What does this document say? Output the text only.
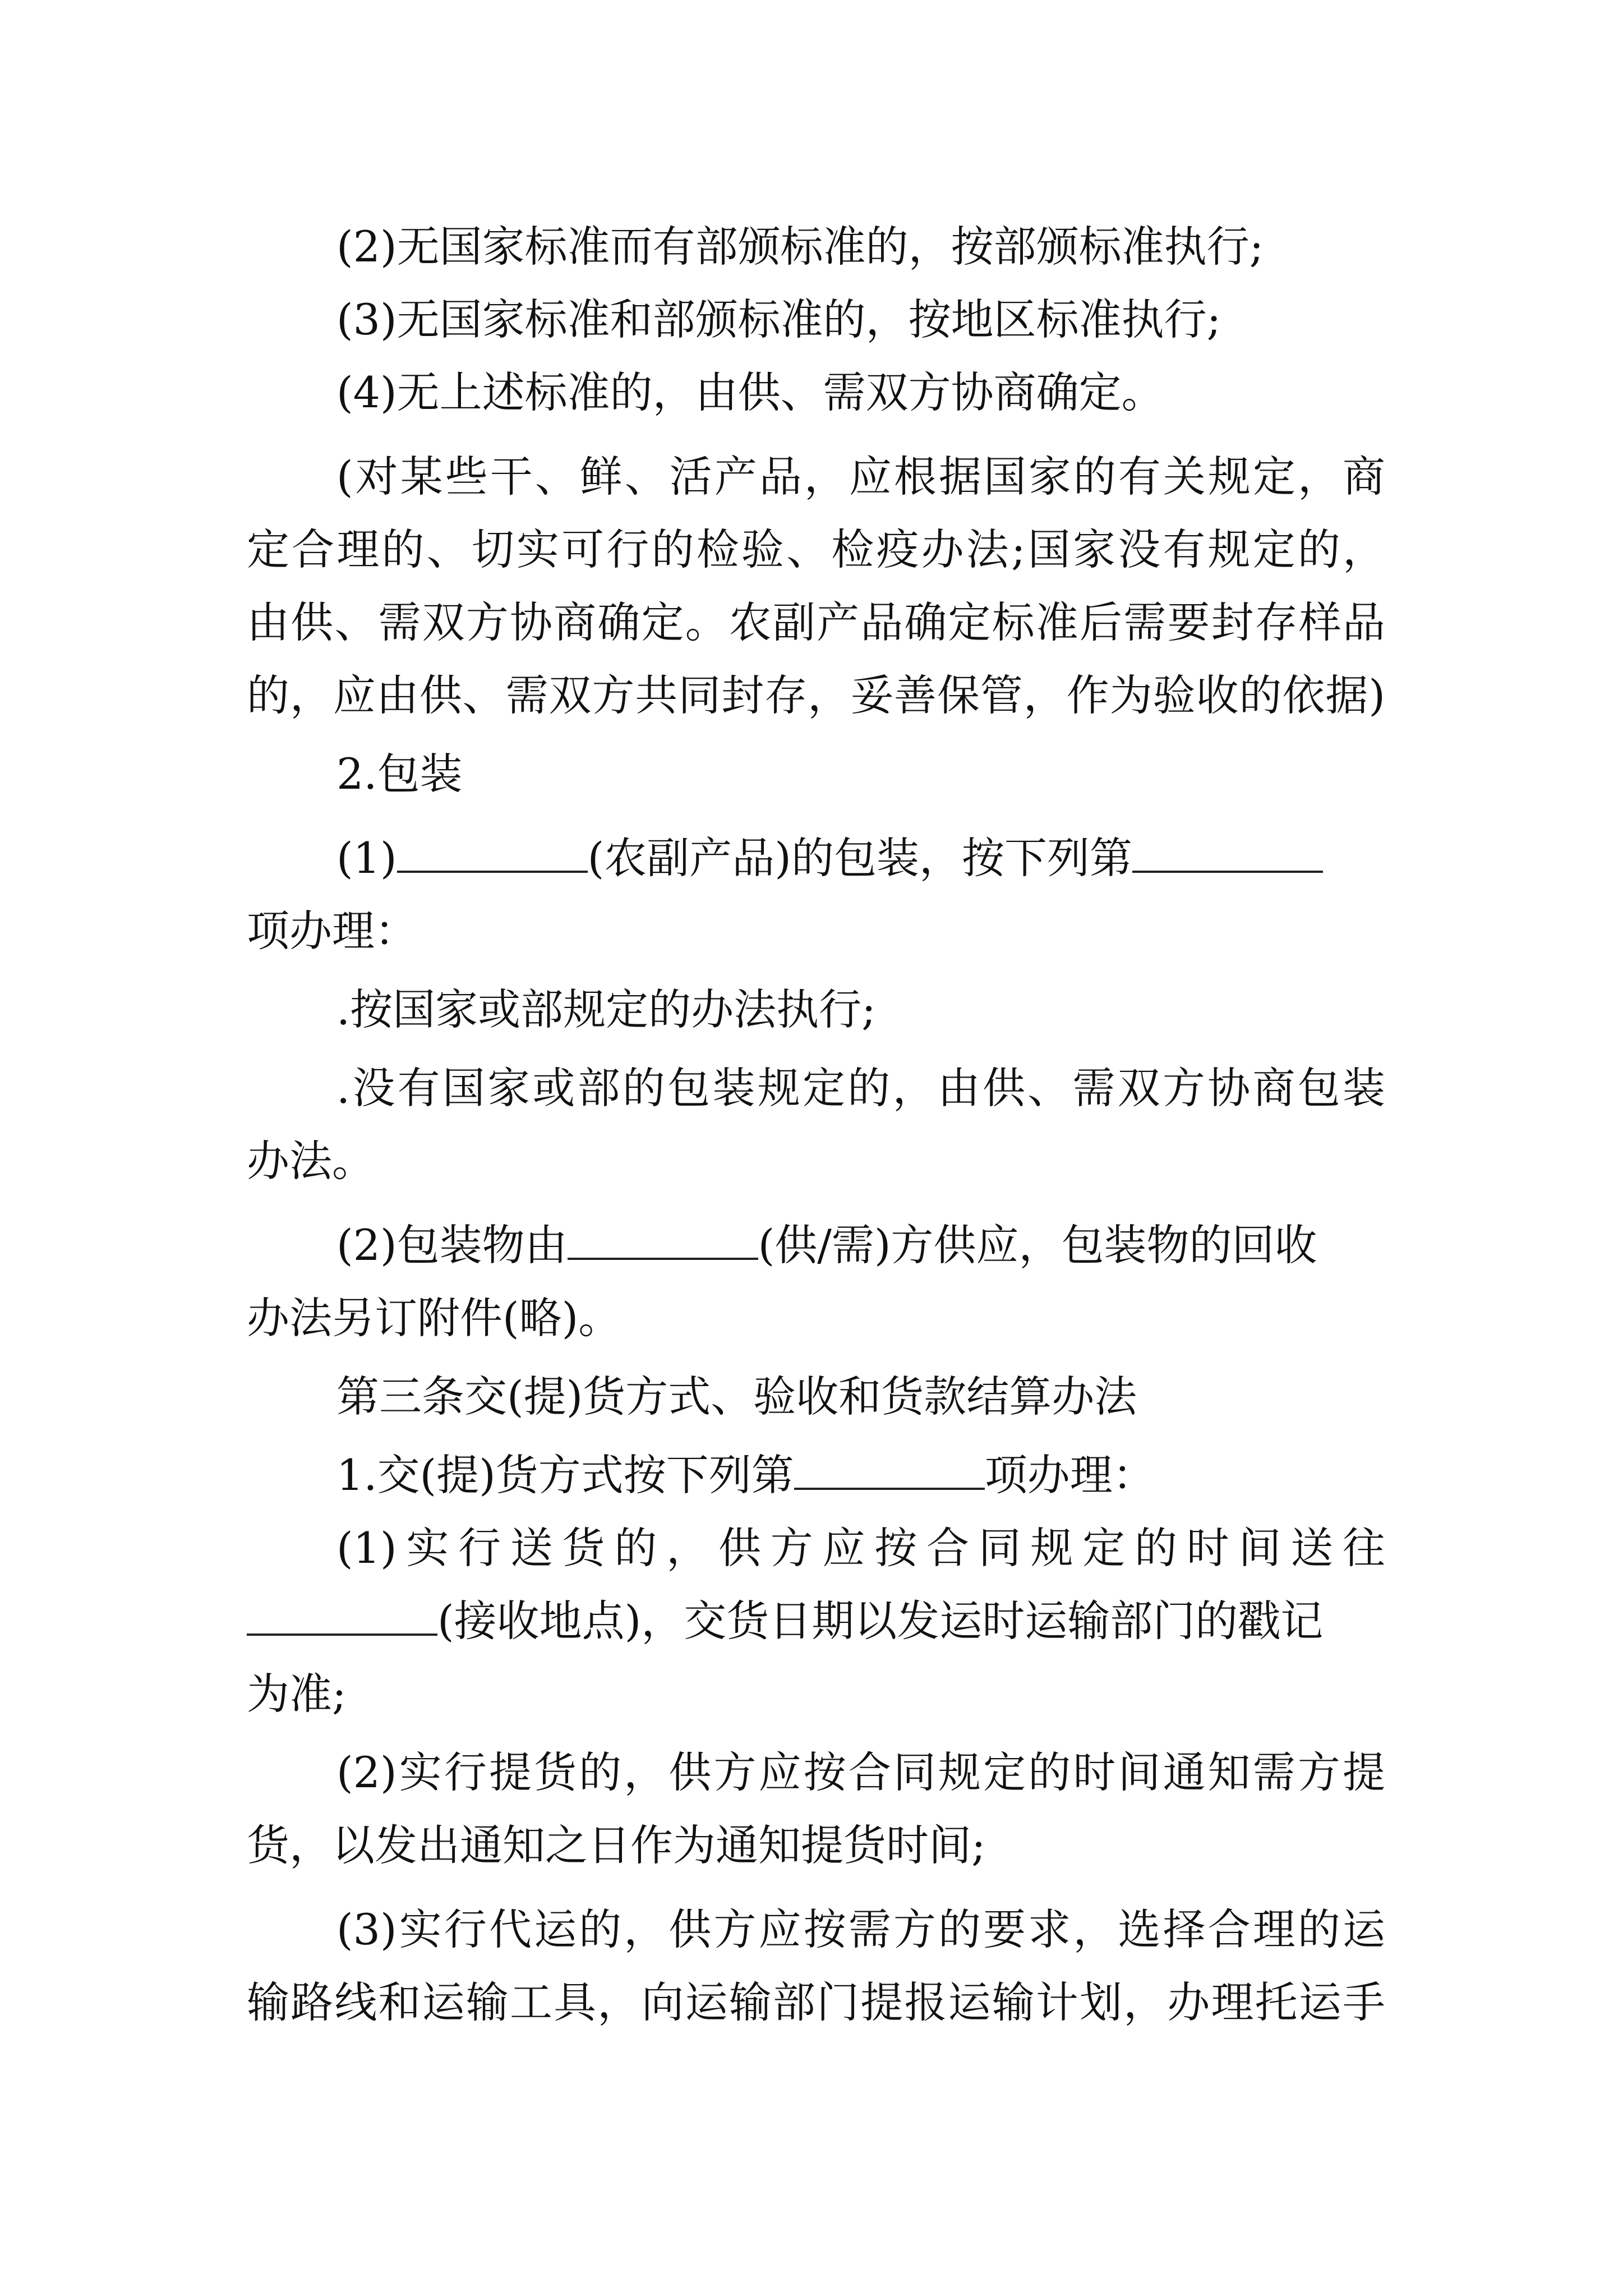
(2)无国家标准而有部颁标准的，按部颁标准执行;
(3)无国家标准和部颁标准的，按地区标准执行;
(4)无上述标准的，由供、需双方协商确定。
(对某些干、鲜、活产品，应根据国家的有关规定，商
定合理的、切实可行的检验、检疫办法;国家没有规定的，
由供、需双方协商确定。农副产品确定标准后需要封存样品
的，应由供、需双方共同封存，妥善保管，作为验收的依据)
2.包装
(1)	(农副产品)的包装，按下列第
项办理：
.按国家或部规定的办法执行;
.没有国家或部的包装规定的，由供、需双方协商包装
办法。
(2)包装物由	(供/需)方供应，包装物的回收
办法另订附件(略)。
第三条交(提)货方式、验收和货款结算办法
1.交(提)货方式按下列第	项办理：
(1)实行送货的，供方应按合同规定的时间送往
(接收地点)，交货日期以发运时运输部门的戳记
为准;
(2)实行提货的，供方应按合同规定的时间通知需方提
货，以发出通知之日作为通知提货时间;
(3)实行代运的，供方应按需方的要求，选择合理的运
输路线和运输工具，向运输部门提报运输计划，办理托运手
